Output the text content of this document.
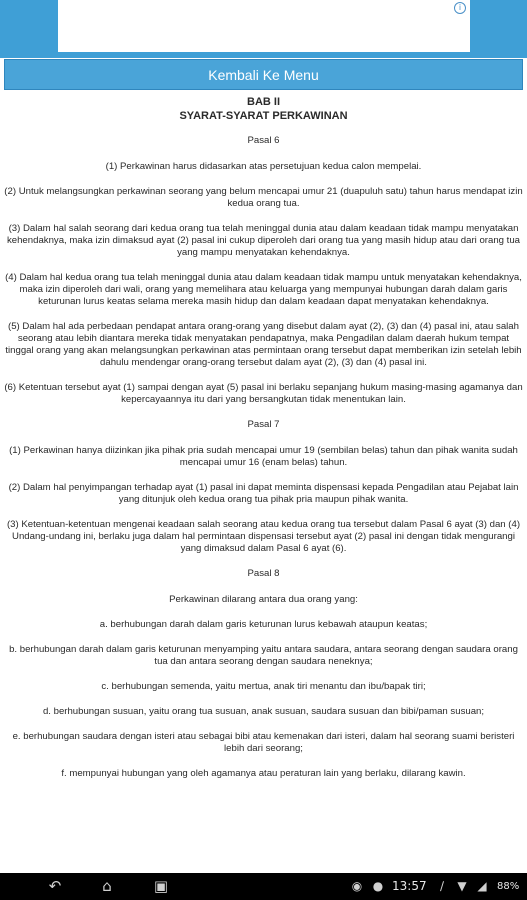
i
Kembali Ke Menu
BAB II
SYARAT-SYARAT PERKAWINAN
Pasal 6
(1) Perkawinan harus didasarkan atas persetujuan kedua calon mempelai.
(2) Untuk melangsungkan perkawinan seorang yang belum mencapai umur 21 (duapuluh satu) tahun harus mendapat izin kedua orang tua.
(3) Dalam hal salah seorang dari kedua orang tua telah meninggal dunia atau dalam keadaan tidak mampu menyatakan kehendaknya, maka izin dimaksud ayat (2) pasal ini cukup diperoleh dari orang tua yang masih hidup atau dari orang tua yang mampu menyatakan kehendaknya.
(4) Dalam hal kedua orang tua telah meninggal dunia atau dalam keadaan tidak mampu untuk menyatakan kehendaknya, maka izin diperoleh dari wali, orang yang memelihara atau keluarga yang mempunyai hubungan darah dalam garis keturunan lurus keatas selama mereka masih hidup dan dalam keadaan dapat menyatakan kehendaknya.
(5) Dalam hal ada perbedaan pendapat antara orang-orang yang disebut dalam ayat (2), (3) dan (4) pasal ini, atau salah seorang atau lebih diantara mereka tidak menyatakan pendapatnya, maka Pengadilan dalam daerah hukum tempat tinggal orang yang akan melangsungkan perkawinan atas permintaan orang tersebut dapat memberikan izin setelah lebih dahulu mendengar orang-orang tersebut dalam ayat (2), (3) dan (4) pasal ini.
(6) Ketentuan tersebut ayat (1) sampai dengan ayat (5) pasal ini berlaku sepanjang hukum masing-masing agamanya dan kepercayaannya itu dari yang bersangkutan tidak menentukan lain.
Pasal 7
(1) Perkawinan hanya diizinkan jika pihak pria sudah mencapai umur 19 (sembilan belas) tahun dan pihak wanita sudah mencapai umur 16 (enam belas) tahun.
(2) Dalam hal penyimpangan terhadap ayat (1) pasal ini dapat meminta dispensasi kepada Pengadilan atau Pejabat lain yang ditunjuk oleh kedua orang tua pihak pria maupun pihak wanita.
(3) Ketentuan-ketentuan mengenai keadaan salah seorang atau kedua orang tua tersebut dalam Pasal 6 ayat (3) dan (4) Undang-undang ini, berlaku juga dalam hal permintaan dispensasi tersebut ayat (2) pasal ini dengan tidak mengurangi yang dimaksud dalam Pasal 6 ayat (6).
Pasal 8
Perkawinan dilarang antara dua orang yang:
a. berhubungan darah dalam garis keturunan lurus kebawah ataupun keatas;
b. berhubungan darah dalam garis keturunan menyamping yaitu antara saudara, antara seorang dengan saudara orang tua dan antara seorang dengan saudara neneknya;
c. berhubungan semenda, yaitu mertua, anak tiri menantu dan ibu/bapak tiri;
d. berhubungan susuan, yaitu orang tua susuan, anak susuan, saudara susuan dan bibi/paman susuan;
e. berhubungan saudara dengan isteri atau sebagai bibi atau kemenakan dari isteri, dalam hal seorang suami beristeri lebih dari seorang;
f. mempunyai hubungan yang oleh agamanya atau peraturan lain yang berlaku, dilarang kawin.
↶	⌂	▣	◉ ● 13:57	∕	▼ ◢	88%
